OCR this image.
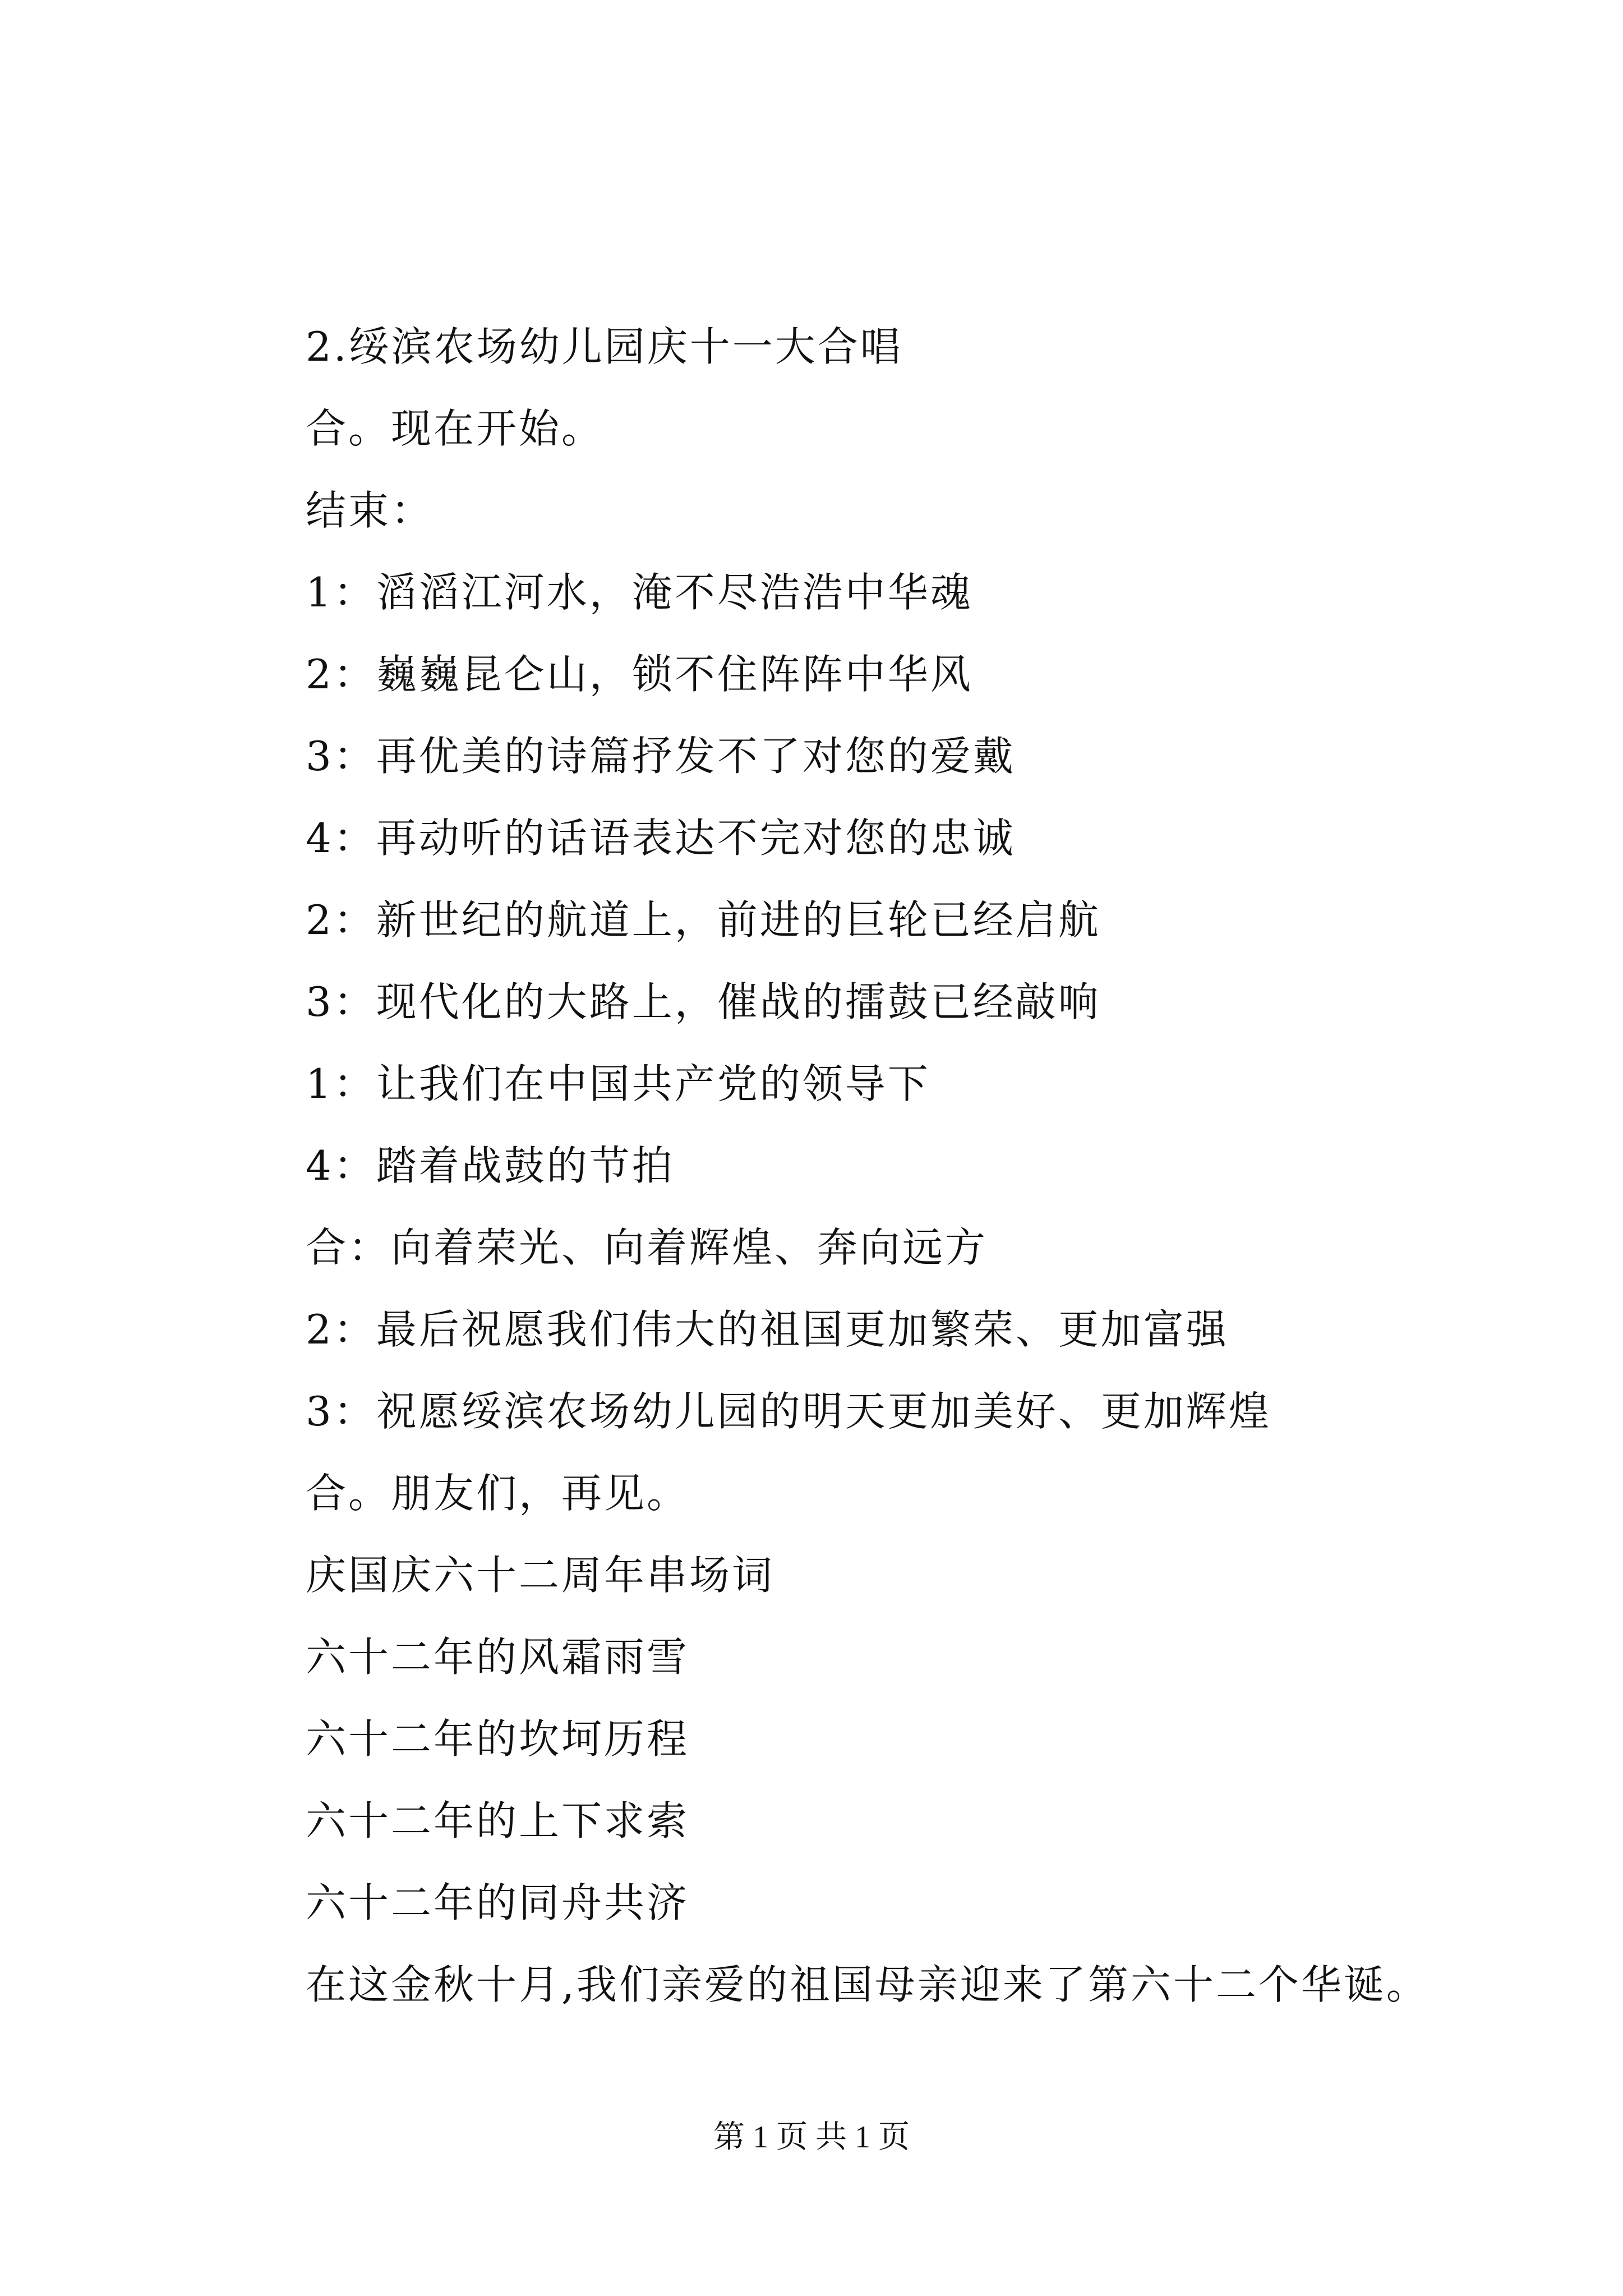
2.绥滨农场幼儿园庆十一大合唱
合。现在开始。
结束：
1：滔滔江河水，淹不尽浩浩中华魂
2：巍巍昆仑山，锁不住阵阵中华风
3：再优美的诗篇抒发不了对您的爱戴
4：再动听的话语表达不完对您的忠诚
2：新世纪的航道上，前进的巨轮已经启航
3：现代化的大路上，催战的擂鼓已经敲响
1：让我们在中国共产党的领导下
4：踏着战鼓的节拍
合：向着荣光、向着辉煌、奔向远方
2：最后祝愿我们伟大的祖国更加繁荣、更加富强
3：祝愿绥滨农场幼儿园的明天更加美好、更加辉煌
合。朋友们，再见。
庆国庆六十二周年串场词
六十二年的风霜雨雪
六十二年的坎坷历程
六十二年的上下求索
六十二年的同舟共济
在这金秋十月,我们亲爱的祖国母亲迎来了第六十二个华诞。
第 1 页 共 1 页
